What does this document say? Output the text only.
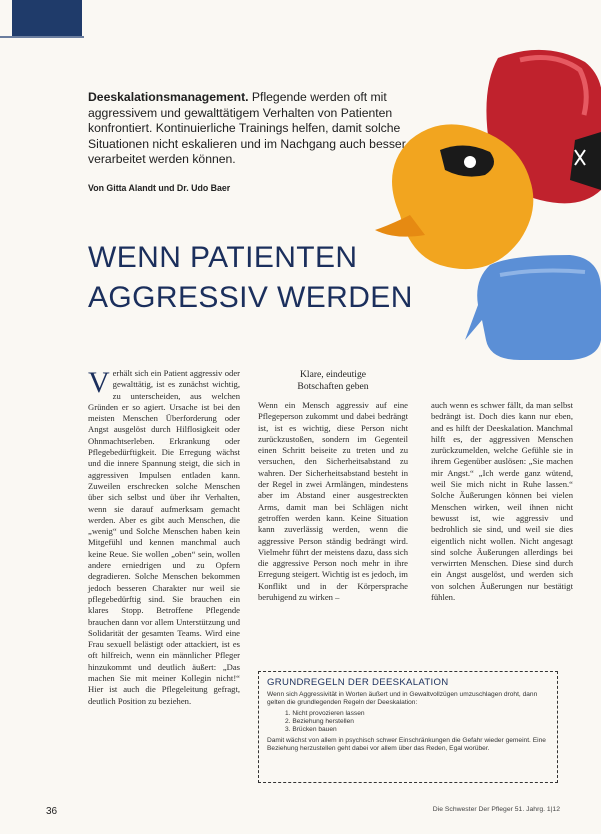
Deeskalationsmanagement. Pflegende werden oft mit aggressivem und gewalttätigem Verhalten von Patienten konfrontiert. Kontinuierliche Trainings helfen, damit solche Situationen nicht eskalieren und im Nachgang auch besser verarbeitet werden können.
Von Gitta Alandt und Dr. Udo Baer
WENN PATIENTEN
AGGRESSIV WERDEN
Verhält sich ein Patient aggressiv oder gewalttätig, ist es zunächst wichtig, zu unterscheiden, aus welchen Gründen er so agiert. Ursache ist bei den meisten Menschen Überforderung oder Angst ausgelöst durch Hilflosigkeit oder Ohnmachtserleben. Erkrankung oder Pflegebedürftigkeit. Die Erregung wächst und die innere Spannung steigt, die sich in aggressiven Impulsen entladen kann. Zuweilen erschrecken solche Menschen über sich selbst und über ihr Verhalten, wenn sie darauf aufmerksam gemacht werden. Aber es gibt auch Menschen, die „wenig“ und Solche Menschen haben kein Mitgefühl und kennen manchmal auch keine Reue. Sie wollen „oben“ sein, wollen andere erniedrigen und zu Opfern degradieren. Solche Menschen bekommen jedoch besseren Charakter nur weil sie pflegebedürftig sind. Sie brauchen ein klares Stopp. Betroffene Pflegende brauchen dann vor allem Unterstützung und Solidarität der gesamten Teams. Wird eine Frau sexuell belästigt oder attackiert, ist es oft hilfreich, wenn ein männlicher Pfleger hinzukommt und deutlich äußert: „Das machen Sie mit meiner Kollegin nicht!“ Hier ist auch die Pflegeleitung gefragt, deutlich Position zu beziehen.
Klare, eindeutige
Botschaften geben
Wenn ein Mensch aggressiv auf eine Pflegeperson zukommt und dabei bedrängt ist, ist es wichtig, diese Person nicht zurückzustoßen, sondern im Gegenteil einen Schritt beiseite zu treten und zu versuchen, den Sicherheitsabstand zu wahren. Der Sicherheitsabstand besteht in der Regel in zwei Armlängen, mindestens aber im Abstand einer ausgestreckten Arms, damit man bei Schlägen nicht getroffen werden kann. Keine Situation kann zuverlässig werden, wenn die aggressive Person ständig bedrängt wird. Vielmehr führt der meistens dazu, dass sich die aggressive Person noch mehr in ihre Erregung steigert. Wichtig ist es jedoch, im Konflikt und in der Körpersprache beruhigend zu wirken –
auch wenn es schwer fällt, da man selbst bedrängt ist. Doch dies kann nur eben, and es hilft der Deeskalation. Manchmal hilft es, der aggressiven Menschen zurückzumelden, welche Gefühle sie in ihrem Gegenüber auslösen: „Sie machen mir Angst.“ „Ich werde ganz wütend, weil Sie mich nicht in Ruhe lassen.“ Solche Äußerungen können bei vielen Menschen wirken, weil ihnen nicht bewusst ist, wie aggressiv und bedrohlich sie sind, und weil sie dies eigentlich nicht wollen. Nicht angesagt sind solche Äußerungen allerdings bei verwirrten Menschen. Diese sind durch ein Angst ausgelöst, und werden sich von solchen Äußerungen nur bestätigt fühlen.
GRUNDREGELN DER DEESKALATION
Wenn sich Aggressivität in Worten äußert und in Gewaltvollzügen umzuschlagen droht, dann gelten die grundlegenden Regeln der Deeskalation:
1. Nicht provozieren lassen
2. Beziehung herstellen
3. Brücken bauen
Damit wächst von allem in psychisch schwer Einschränkungen die Gefahr wieder gemeint. Eine Beziehung herzustellen geht dabei vor allem über das Reden, Egal worüber.
36	Die Schwester Der Pfleger 51. Jahrg. 1|12
